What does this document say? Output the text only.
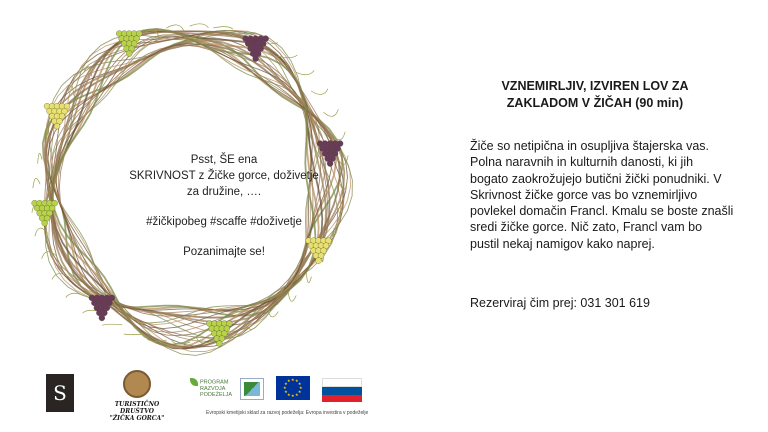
Psst, ŠE ena
SKRIVNOST z Žičke gorce, doživetje
za družine, ….
#žičkipobeg #scaffe #doživetje
Pozanimajte se!
VZNEMIRLJIV, IZVIREN LOV ZA
ZAKLADOM V ŽIČAH (90 min)
Žiče so netipična in osupljiva štajerska vas. Polna naravnih in kulturnih danosti, ki jih bogato zaokrožujejo butični žički ponudniki. V Skrivnost žičke gorce vas bo vznemirljivo povlekel domačin Francl. Kmalu se boste znašli sredi žičke gorce. Nič zato, Francl vam bo pustil nekaj namigov kako naprej.
Rezerviraj čim prej: 031 301 619
S	TURISTIČNO DRUŠTVO
"ŽIČKA GORCA"
PROGRAM
RAZVOJA
PODEŽELJA
★
★
★
★
★
★
★
★
★ ★ ★
★
Evropski kmetijski sklad za razvoj podeželja: Evropa investira v podeželje
